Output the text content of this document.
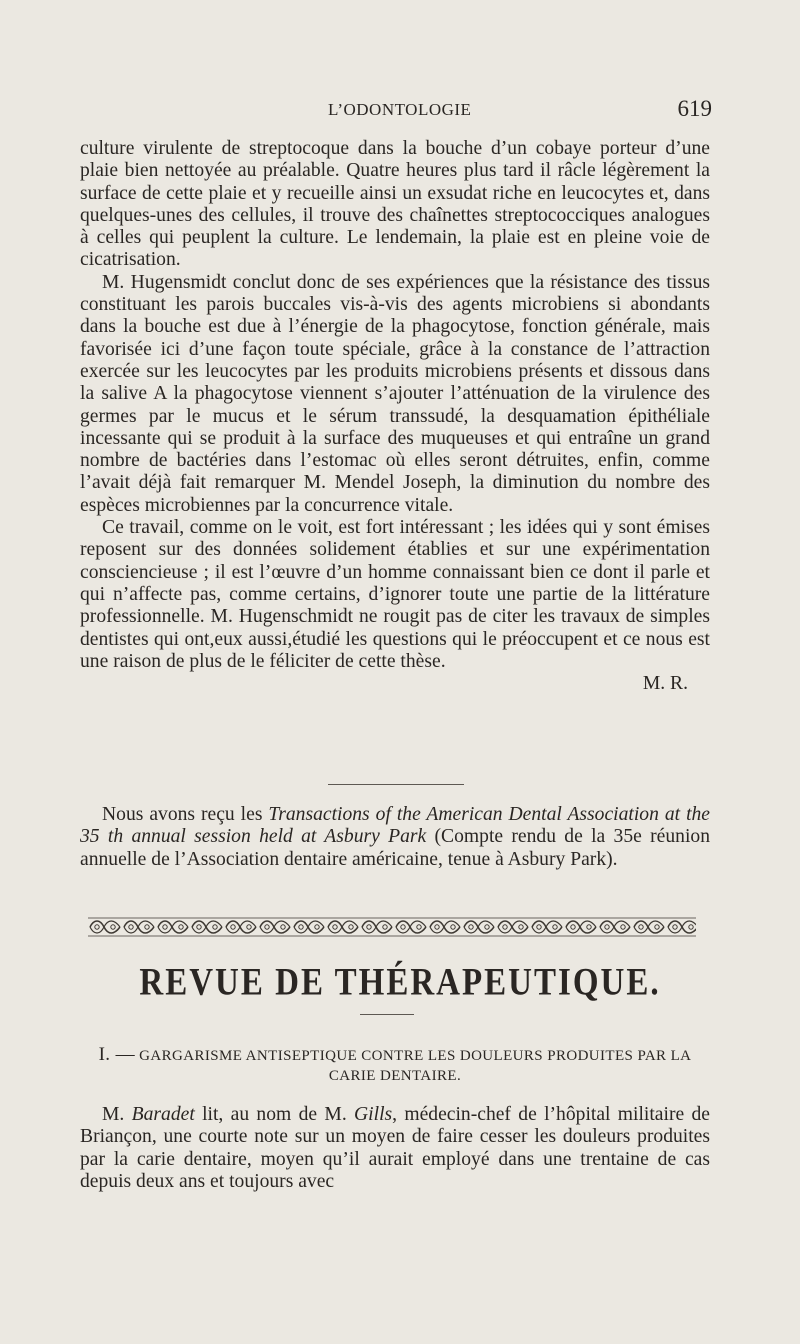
L’ODONTOLOGIE	619

culture virulente de streptocoque dans la bouche d’un cobaye porteur d’une plaie bien nettoyée au préalable. Quatre heures plus tard il râcle légèrement la surface de cette plaie et y recueille ainsi un exsudat riche en leucocytes et, dans quelques-unes des cellules, il trouve des chaînettes streptococciques analogues à celles qui peuplent la culture. Le lendemain, la plaie est en pleine voie de cicatrisation.

M. Hugensmidt conclut donc de ses expériences que la résistance des tissus constituant les parois buccales vis-à-vis des agents microbiens si abondants dans la bouche est due à l’énergie de la phagocytose, fonction générale, mais favorisée ici d’une façon toute spéciale, grâce à la constance de l’attraction exercée sur les leucocytes par les produits microbiens présents et dissous dans la salive A la phagocytose viennent s’ajouter l’atténuation de la virulence des germes par le mucus et le sérum transsudé, la desquamation épithéliale incessante qui se produit à la surface des muqueuses et qui entraîne un grand nombre de bactéries dans l’estomac où elles seront détruites, enfin, comme l’avait déjà fait remarquer M. Mendel Joseph, la diminution du nombre des espèces microbiennes par la concurrence vitale.

Ce travail, comme on le voit, est fort intéressant ; les idées qui y sont émises reposent sur des données solidement établies et sur une expérimentation consciencieuse ; il est l’œuvre d’un homme connaissant bien ce dont il parle et qui n’affecte pas, comme certains, d’ignorer toute une partie de la littérature professionnelle. M. Hugenschmidt ne rougit pas de citer les travaux de simples dentistes qui ont,eux aussi,étudié les questions qui le préoccupent et ce nous est une raison de plus de le féliciter de cette thèse.

M. R.

Nous avons reçu les Transactions of the American Dental Association at the 35 th annual session held at Asbury Park (Compte rendu de la 35e réunion annuelle de l’Association dentaire américaine, tenue à Asbury Park).

REVUE DE THÉRAPEUTIQUE.
I. — GARGARISME ANTISEPTIQUE CONTRE LES DOULEURS PRODUITES PAR LA CARIE DENTAIRE.

M. Baradet lit, au nom de M. Gills, médecin-chef de l’hôpital militaire de Briançon, une courte note sur un moyen de faire cesser les douleurs produites par la carie dentaire, moyen qu’il aurait employé dans une trentaine de cas depuis deux ans et toujours avec
